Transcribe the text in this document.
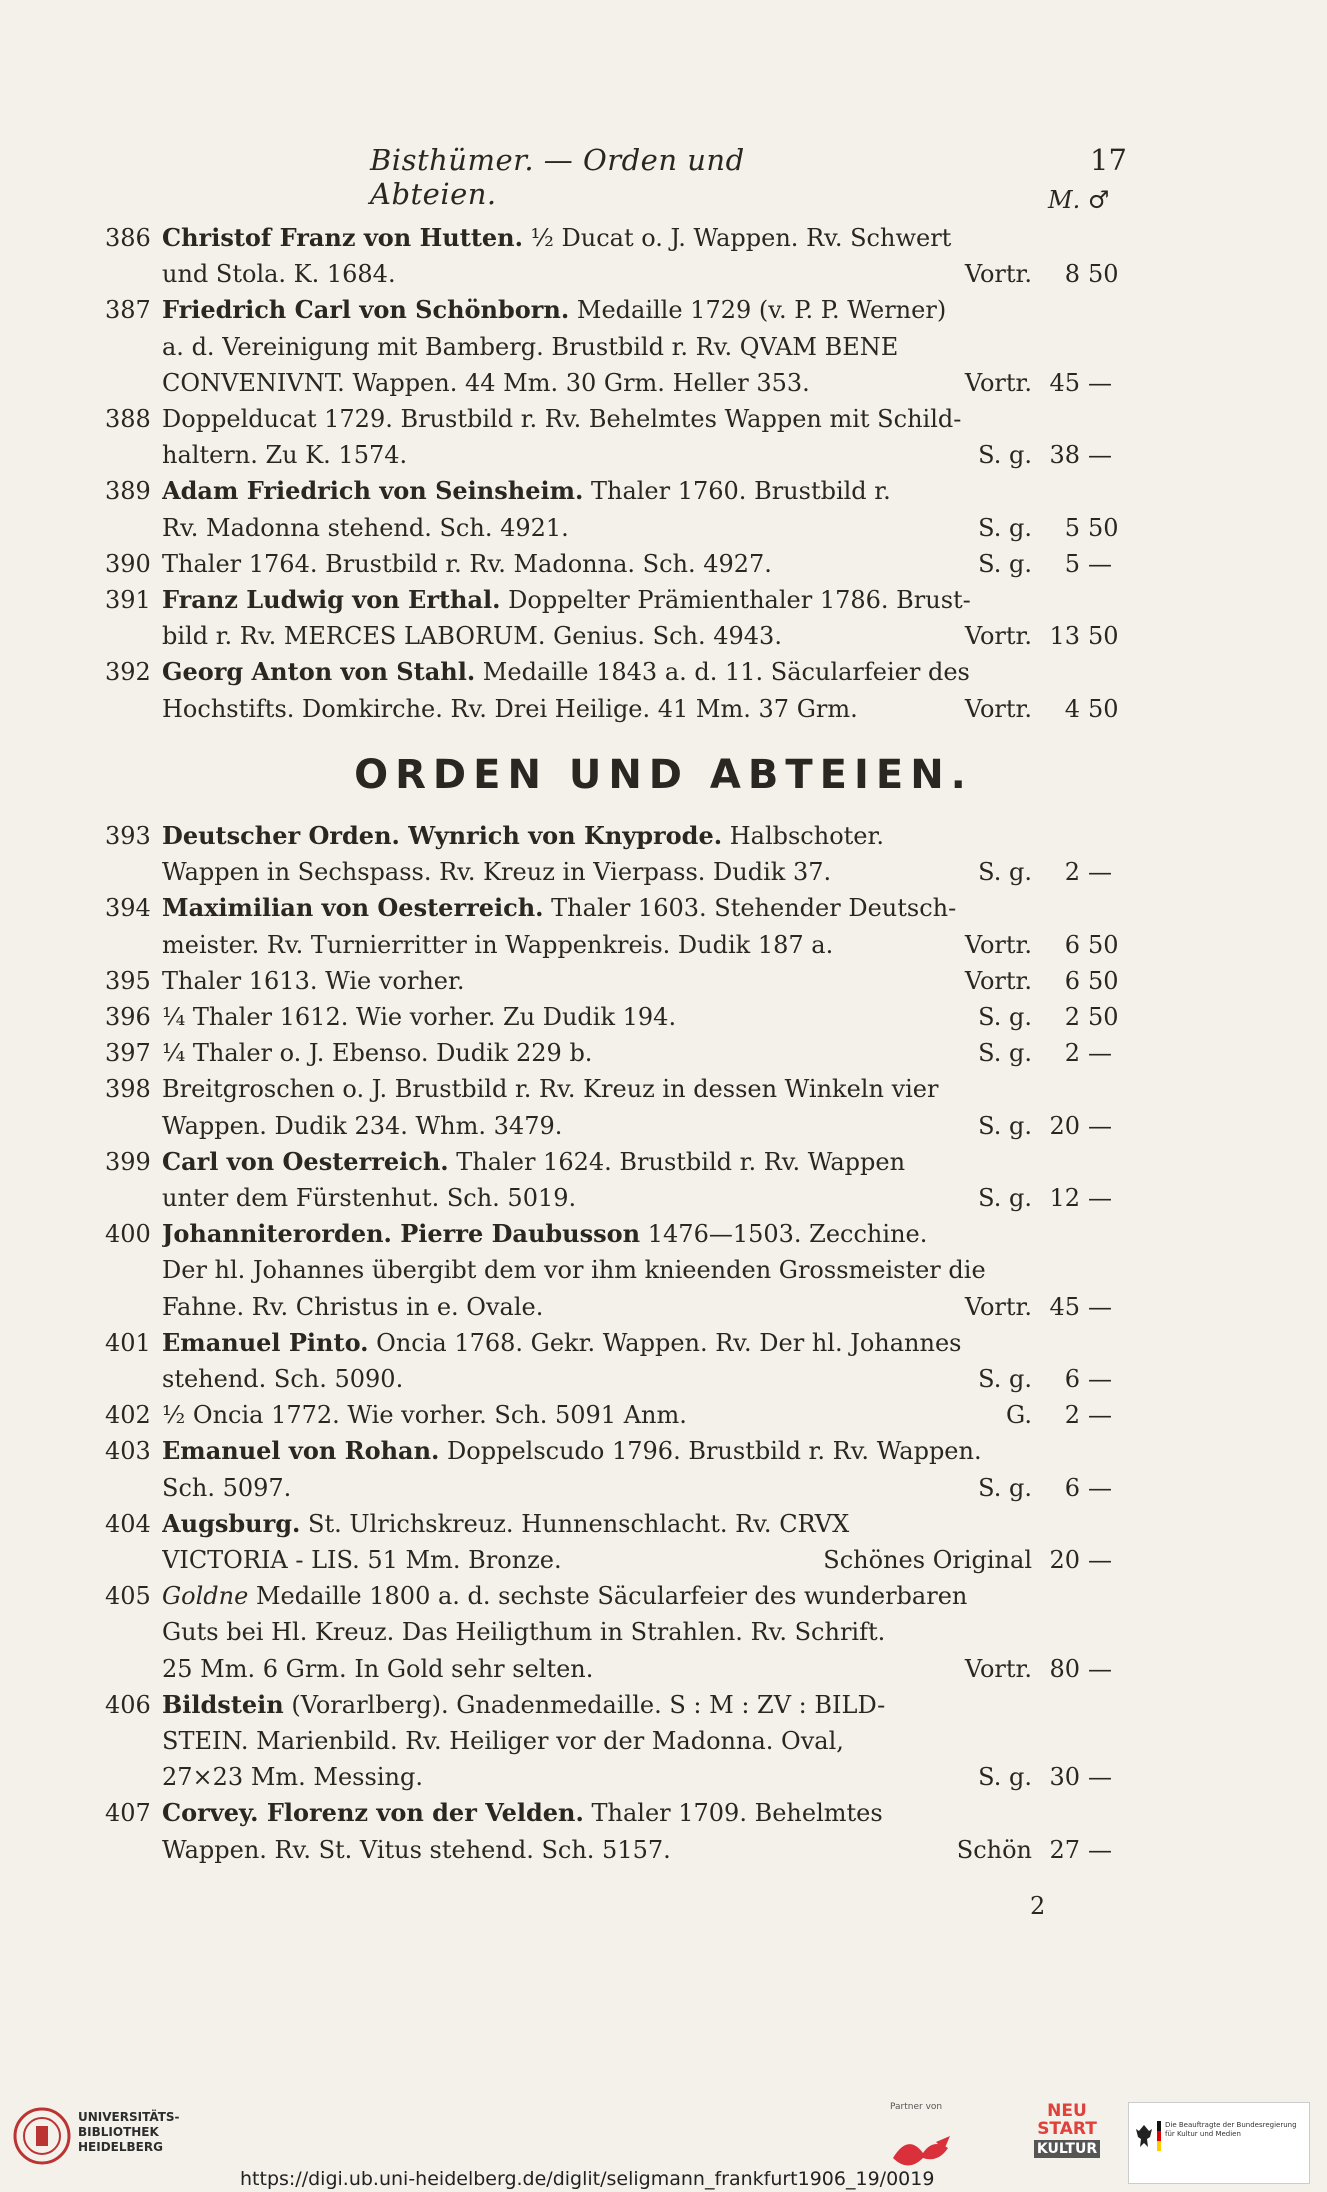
Bisthümer. — Orden und Abteien.
17
M. ♂
ORDEN UND ABTEIEN.
386 Christof Franz von Hutten. ½ Ducat o. J. Wappen. Rv. Schwert
und Stola. K. 1684.	Vortr.	8 50
387 Friedrich Carl von Schönborn. Medaille 1729 (v. P. P. Werner)
a. d. Vereinigung mit Bamberg. Brustbild r. Rv. QVAM BENE
CONVENIVNT. Wappen. 44 Mm. 30 Grm. Heller 353.	Vortr. 45 —
388 Doppelducat 1729. Brustbild r. Rv. Behelmtes Wappen mit Schild-
haltern. Zu K. 1574.	S. g. 38 —
389 Adam Friedrich von Seinsheim. Thaler 1760. Brustbild r.
Rv. Madonna stehend. Sch. 4921.	S. g.	5 50
390 Thaler 1764. Brustbild r. Rv. Madonna. Sch. 4927.	S. g.	5 —
391 Franz Ludwig von Erthal. Doppelter Prämienthaler 1786. Brust-
bild r. Rv. MERCES LABORUM. Genius. Sch. 4943.	Vortr. 13 50
392 Georg Anton von Stahl. Medaille 1843 a. d. 11. Säcularfeier des
Hochstifts. Domkirche. Rv. Drei Heilige. 41 Mm. 37 Grm.	Vortr.	4 50
393 Deutscher Orden. Wynrich von Knyprode. Halbschoter.
Wappen in Sechspass. Rv. Kreuz in Vierpass. Dudik 37.	S. g.	2 —
394 Maximilian von Oesterreich. Thaler 1603. Stehender Deutsch-
meister. Rv. Turnierritter in Wappenkreis. Dudik 187 a.	Vortr.	6 50
395 Thaler 1613. Wie vorher.	Vortr.	6 50
396 ¼ Thaler 1612. Wie vorher. Zu Dudik 194.	S. g.	2 50
397 ¼ Thaler o. J. Ebenso. Dudik 229 b.	S. g.	2 —
398 Breitgroschen o. J. Brustbild r. Rv. Kreuz in dessen Winkeln vier
Wappen. Dudik 234. Whm. 3479.	S. g. 20 —
399 Carl von Oesterreich. Thaler 1624. Brustbild r. Rv. Wappen
unter dem Fürstenhut. Sch. 5019.	S. g. 12 —
400 Johanniterorden. Pierre Daubusson 1476—1503. Zecchine.
Der hl. Johannes übergibt dem vor ihm knieenden Grossmeister die
Fahne. Rv. Christus in e. Ovale.	Vortr. 45 —
401 Emanuel Pinto. Oncia 1768. Gekr. Wappen. Rv. Der hl. Johannes
stehend. Sch. 5090.	S. g.	6 —
402 ½ Oncia 1772. Wie vorher. Sch. 5091 Anm.	G.	2 —
403 Emanuel von Rohan. Doppelscudo 1796. Brustbild r. Rv. Wappen.
Sch. 5097.	S. g.	6 —
404 Augsburg. St. Ulrichskreuz. Hunnenschlacht. Rv. CRVX
VICTORIA - LIS. 51 Mm. Bronze.	Schönes Original 20 —
405 Goldne Medaille 1800 a. d. sechste Säcularfeier des wunderbaren
Guts bei Hl. Kreuz. Das Heiligthum in Strahlen. Rv. Schrift.
25 Mm. 6 Grm. In Gold sehr selten.	Vortr. 80 —
406 Bildstein (Vorarlberg). Gnadenmedaille. S : M : ZV : BILD-
STEIN. Marienbild. Rv. Heiliger vor der Madonna. Oval,
27×23 Mm. Messing.	S. g. 30 —
407 Corvey. Florenz von der Velden. Thaler 1709. Behelmtes
Wappen. Rv. St. Vitus stehend. Sch. 5157.	Schön 27 —
2
UNIVERSITÄTS-
BIBLIOTHEK
HEIDELBERG
Partner von	NEU
START
KULTUR
Die Beauftragte der Bundesregierung für Kultur und Medien
https://digi.ub.uni-heidelberg.de/diglit/seligmann_frankfurt1906_19/0019
